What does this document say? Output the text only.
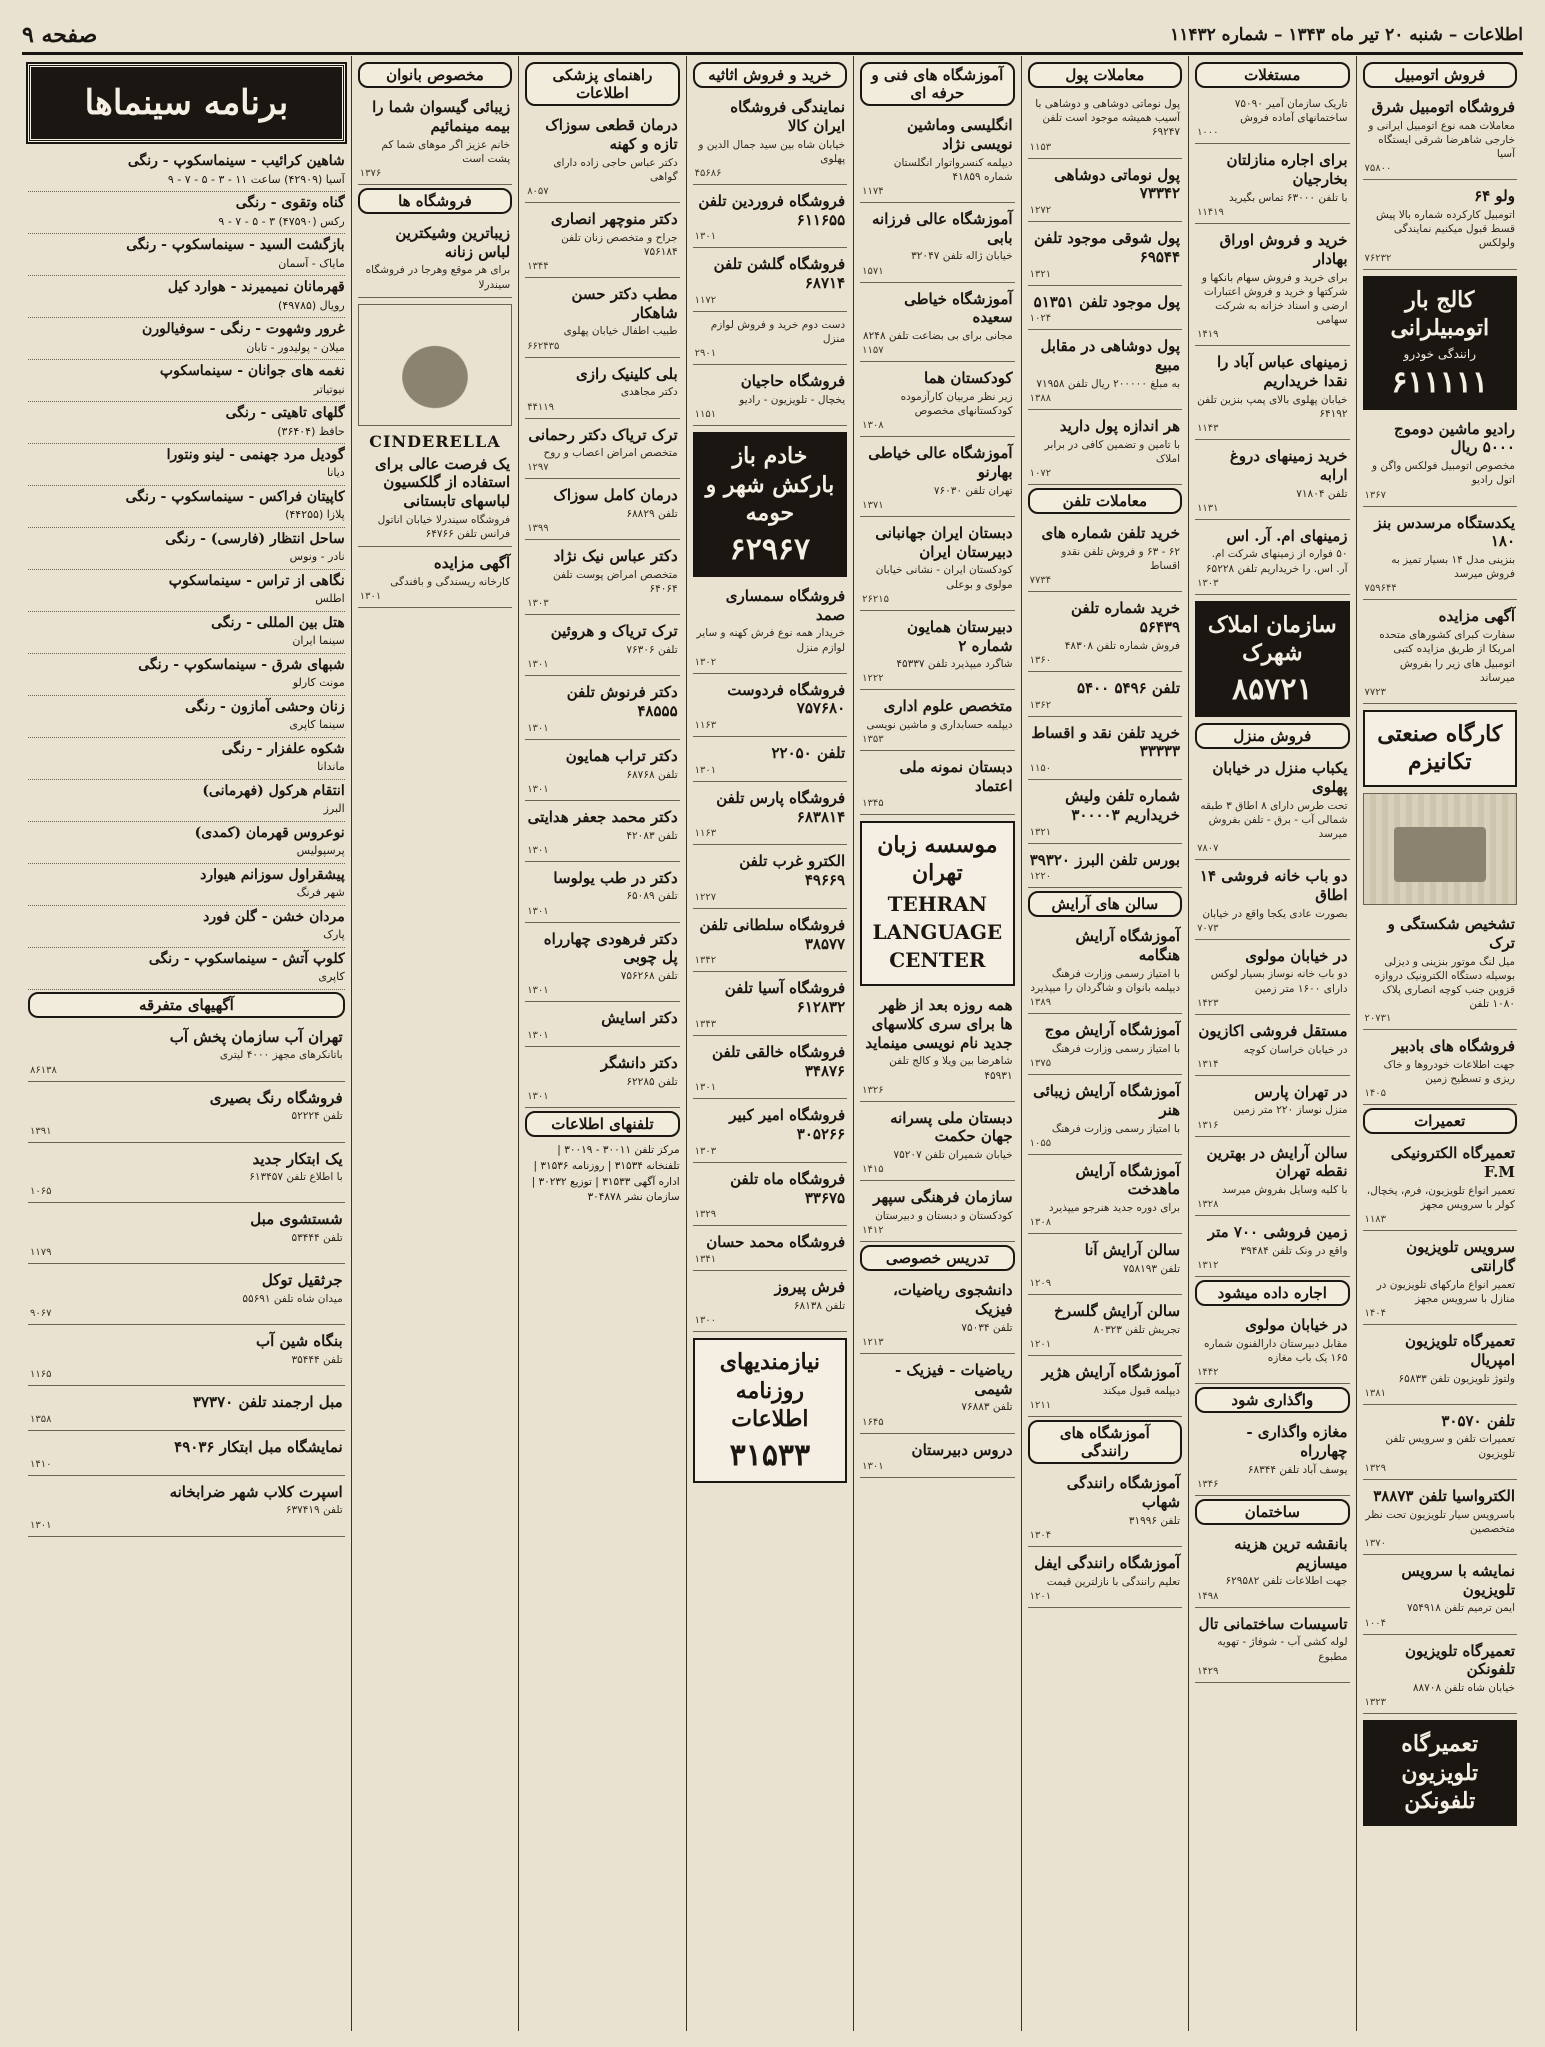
اطلاعات – شنبه ۲۰ تیر ماه ۱۳۴۳ – شماره ۱۱۴۳۲
صفحه ۹
فروش اتومبیل
فروشگاه اتومبیل شرق
معاملات همه نوع اتومبیل ایرانی و خارجی شاهرضا شرقی ایستگاه آسیا
۷۵۸۰۰
ولو ۶۴
اتومبیل کارکرده شماره بالا پیش قسط قبول میکنیم نمایندگی ولولکس
۷۶۲۳۲
کالج بار اتومبیلرانی
رانندگی خودرو
۶۱۱۱۱۱
رادیو ماشین دوموج ۵۰۰۰ ریال
مخصوص اتومبیل فولکس واگن و اتول رادیو
۱۳۶۷
یکدستگاه مرسدس بنز ۱۸۰
بنزینی مدل ۱۴ بسیار تمیز به فروش میرسد
۷۵۹۶۴۴
آگهی مزایده
سفارت کبرای کشورهای متحده امریکا از طریق مزایده کتبی اتومبیل های زیر را بفروش میرساند
۷۷۲۳
کارگاه صنعتی تکانیزم
تشخیص شکستگی و ترک
میل لنگ موتور بنزینی و دیزلی بوسیله دستگاه الکترونیک دروازه قزوین جنب کوچه انصاری پلاک ۱۰۸۰ تلفن
۲۰۷۳۱
فروشگاه های بادبیر
جهت اطلاعات خودروها و خاک ریزی و تسطیح زمین
۱۴۰۵
تعمیرات
تعمیرگاه الکترونیکی F.M
تعمیر انواع تلویزیون، فرم، یخچال، کولر با سرویس مجهز
۱۱۸۳
سرویس تلویزیون گارانتی
تعمیر انواع مارکهای تلویزیون در منازل با سرویس مجهز
۱۴۰۴
تعمیرگاه تلویزیون امپریال
ولتوژ تلویزیون تلفن ۶۵۸۳۳
۱۳۸۱
تلفن ۳۰۵۷۰
تعمیرات تلفن و سرویس تلفن تلویزیون
۱۳۲۹
الکترواسیا تلفن ۳۸۸۷۳
باسرویس سیار تلویزیون تحت نظر متخصصین
۱۳۷۰
نمایشه با سرویس تلویزیون
ایمن ترمیم تلفن ۷۵۴۹۱۸
۱۰۰۴
تعمیرگاه تلویزیون تلفونکن
خیابان شاه تلفن ۸۸۷۰۸
۱۳۲۳
تعمیرگاه تلویزیون تلفونکن
مستغلات
تاریک سازمان آمیر ۷۵۰۹۰ ساختمانهای آماده فروش
۱۰۰۰
برای اجاره منازلتان بخارجیان
با تلفن ۶۳۰۰۰ تماس بگیرید
۱۱۴۱۹
خرید و فروش اوراق بهادار
برای خرید و فروش سهام بانکها و شرکتها و خرید و فروش اعتبارات ارضی و اسناد خزانه به شرکت سهامی
۱۴۱۹
زمینهای عباس آباد را نقدا خریداریم
خیابان پهلوی بالای پمپ بنزین تلفن ۶۴۱۹۲
۱۱۴۳
خرید زمینهای دروغ ارابه
تلفن ۷۱۸۰۴
۱۱۳۱
زمینهای ام. آر. اس
۵۰ فواره از زمینهای شرکت ام. آر. اس. را خریداریم تلفن ۶۵۲۲۸
۱۳۰۳
سازمان املاک شهرک
۸۵۷۲۱
فروش منزل
یکباب منزل در خیابان پهلوی
تحت طرس دارای ۸ اطاق ۳ طبقه شمالی آب - برق - تلفن بفروش میرسد
۷۸۰۷
دو باب خانه فروشی ۱۴ اطاق
بصورت عادی یکجا واقع در خیابان
۷۰۷۳
در خیابان مولوی
دو باب خانه نوساز بسیار لوکس دارای ۱۶۰۰ متر زمین
۱۴۲۳
مستقل فروشی اکازیون
در خیابان خراسان کوچه
۱۳۱۴
در تهران پارس
منزل نوساز ۲۲۰ متر زمین
۱۳۱۶
سالن آرایش در بهترین نقطه تهران
با کلیه وسایل بفروش میرسد
۱۳۲۸
زمین فروشی ۷۰۰ متر
واقع در ونک تلفن ۳۹۴۸۴
۱۳۱۲
اجاره داده میشود
در خیابان مولوی
مقابل دبیرستان دارالفنون شماره ۱۶۵ یک باب مغازه
۱۴۴۲
واگذاری شود
مغازه واگذاری - چهارراه
یوسف آباد تلفن ۶۸۳۴۴
۱۳۴۶
ساختمان
بانقشه ترین هزینه میسازیم
جهت اطلاعات تلفن ۶۲۹۵۸۲
۱۴۹۸
تاسیسات ساختمانی تال
لوله کشی آب - شوفاژ - تهویه مطبوع
۱۴۲۹
معاملات پول
پول نوماتی دوشاهی و دوشاهی با آسیب همیشه موجود است تلفن ۶۹۲۴۷
۱۱۵۳
پول نوماتی دوشاهی ۷۳۳۴۲
۱۲۷۲
پول شوقی موجود تلفن ۶۹۵۴۴
۱۳۲۱
پول موجود تلفن ۵۱۳۵۱
۱۰۲۴
پول دوشاهی در مقابل مبیع
به مبلغ ۲۰۰۰۰۰ ریال تلفن ۷۱۹۵۸
۱۳۸۸
هر اندازه پول دارید
با تامین و تضمین کافی در برابر املاک
۱۰۷۲
معاملات تلفن
خرید تلفن شماره های
۶۲ - ۶۳ و فروش تلفن نقدو اقساط
۷۷۳۴
خرید شماره تلفن ۵۶۴۳۹
فروش شماره تلفن ۴۸۳۰۸
۱۳۶۰
تلفن ۵۴۹۶ ۵۴۰۰
۱۳۶۲
خرید تلفن نقد و اقساط ۳۳۳۳۳
۱۱۵۰
شماره تلفن ولیش خریداریم ۳۰۰۰۰۳
۱۳۲۱
بورس تلفن البرز ۳۹۳۲۰
۱۲۲۰
سالن های آرایش
آموزشگاه آرایش هنگامه
با امتیاز رسمی وزارت فرهنگ دیپلمه بانوان و شاگردان را میپذیرد
۱۳۸۹
آموزشگاه آرایش موج
با امتیاز رسمی وزارت فرهنگ
۱۳۷۵
آموزشگاه آرایش زیبائی هنر
با امتیاز رسمی وزارت فرهنگ
۱۰۵۵
آموزشگاه آرایش ماهدخت
برای دوره جدید هنرجو میپذیرد
۱۳۰۸
سالن آرایش آنا
تلفن ۷۵۸۱۹۳
۱۲۰۹
سالن آرایش گلسرخ
تجریش تلفن ۸۰۳۲۳
۱۲۰۱
آموزشگاه آرایش هژیر
دیپلمه قبول میکند
۱۲۱۱
آموزشگاه های رانندگی
آموزشگاه رانندگی شهاب
تلفن ۳۱۹۹۶
۱۳۰۴
آموزشگاه رانندگی ایفل
تعلیم رانندگی با نازلترین قیمت
۱۲۰۱
آموزشگاه های فنی و حرفه ای
انگلیسی وماشین نویسی نژاد
دیپلمه کنسرواتوار انگلستان شماره ۴۱۸۵۹
۱۱۷۴
آموزشگاه عالی فرزانه بابی
خیابان ژاله تلفن ۳۲۰۴۷
۱۵۷۱
آموزشگاه خیاطی سعیده
مجانی برای بی بضاعت تلفن ۸۲۴۸
۱۱۵۷
کودکستان هما
زیر نظر مربیان کارآزموده کودکستانهای مخصوص
۱۳۰۸
آموزشگاه عالی خیاطی بهارنو
تهران تلفن ۷۶۰۳۰
۱۳۷۱
دبستان ایران جهانبانی دبیرستان ایران
کودکستان ایران - نشانی خیابان مولوی و بوعلی
۲۶۲۱۵
دبیرستان همایون شماره ۲
شاگرد میپذیرد تلفن ۴۵۳۳۷
۱۲۲۲
متخصص علوم اداری
دیپلمه حسابداری و ماشین نویسی
۱۳۵۳
دبستان نمونه ملی اعتماد
۱۳۴۵
موسسه زبان تهران
TEHRAN
LANGUAGE
CENTER
همه روزه بعد از ظهر ها برای سری کلاسهای جدید نام نویسی مینماید
شاهرضا بین ویلا و کالج تلفن ۴۵۹۳۱
۱۳۲۶
دبستان ملی پسرانه جهان حکمت
خیابان شمیران تلفن ۷۵۲۰۷
۱۴۱۵
سازمان فرهنگی سپهر
کودکستان و دبستان و دبیرستان
۱۴۱۲
تدریس خصوصی
دانشجوی ریاضیات، فیزیک
تلفن ۷۵۰۳۴
۱۲۱۳
ریاضیات - فیزیک - شیمی
تلفن ۷۶۸۸۳
۱۶۴۵
دروس دبیرستان
۱۳۰۱
خرید و فروش اثاثیه
نمایندگی فروشگاه ایران کالا
خیابان شاه بین سید جمال الدین و پهلوی
۴۵۶۸۶
فروشگاه فروردین تلفن ۶۱۱۶۵۵
۱۳۰۱
فروشگاه گلشن تلفن ۶۸۷۱۴
۱۱۷۲
دست دوم خرید و فروش لوازم منزل
۲۹۰۱
فروشگاه حاجیان
یخچال - تلویزیون - رادیو
۱۱۵۱
خادم باز بارکش شهر و حومه
۶۲۹۶۷
فروشگاه سمساری صمد
خریدار همه نوع فرش کهنه و سایر لوازم منزل
۱۳۰۲
فروشگاه فردوست ۷۵۷۶۸۰
۱۱۶۳
تلفن ۲۲۰۵۰
۱۳۰۱
فروشگاه پارس تلفن ۶۸۳۸۱۴
۱۱۶۳
الکترو غرب تلفن ۴۹۶۶۹
۱۲۲۷
فروشگاه سلطانی تلفن ۳۸۵۷۷
۱۳۴۲
فروشگاه آسیا تلفن ۶۱۲۸۳۲
۱۳۴۳
فروشگاه خالقی تلفن ۳۴۸۷۶
۱۳۰۱
فروشگاه امیر کبیر ۳۰۵۲۶۶
۱۳۰۳
فروشگاه ماه تلفن ۳۳۶۷۵
۱۳۲۹
فروشگاه محمد حسان
۱۳۴۱
فرش پیروز
تلفن ۶۸۱۳۸
۱۳۰۰
نیازمندیهای روزنامه اطلاعات
۳۱۵۳۳
راهنمای پزشکی اطلاعات
درمان قطعی سوزاک تازه و کهنه
دکتر عباس حاجی زاده دارای گواهی
۸۰۵۷
دکتر منوچهر انصاری
جراح و متخصص زنان تلفن ۷۵۶۱۸۴
۱۳۴۴
مطب دکتر حسن شاهکار
طبیب اطفال خیابان پهلوی
۶۶۲۴۳۵
بلی کلینیک رازی
دکتر مجاهدی
۴۴۱۱۹
ترک تریاک دکتر رحمانی
متخصص امراض اعصاب و روح
۱۲۹۷
درمان کامل سوزاک
تلفن ۶۸۸۲۹
۱۳۹۹
دکتر عباس نیک نژاد
متخصص امراض پوست تلفن ۶۴۰۶۴
۱۳۰۳
ترک تریاک و هروئین
تلفن ۷۶۳۰۶
۱۳۰۱
دکتر فرنوش تلفن ۴۸۵۵۵
۱۳۰۱
دکتر تراب همایون
تلفن ۶۸۷۶۸
۱۳۰۱
دکتر محمد جعفر هدایتی
تلفن ۴۲۰۸۳
۱۳۰۱
دکتر در طب یولوسا
تلفن ۶۵۰۸۹
۱۳۰۱
دکتر فرهودی چهارراه پل چوبی
تلفن ۷۵۶۲۶۸
۱۳۰۱
دکتر اسایش
۱۳۰۱
دکتر دانشگر
تلفن ۶۲۲۸۵
۱۳۰۱
تلفنهای اطلاعات
مرکز تلفن ۳۰۰۱۱ - ۳۰۰۱۹ | تلفنخانه ۳۱۵۳۴ | روزنامه ۳۱۵۳۶ | اداره آگهی ۳۱۵۳۳ | توزیع ۳۰۲۳۲ | سازمان نشر ۳۰۴۸۷۸
مخصوص بانوان
زیبائی گیسوان شما را بیمه مینمائیم
خانم عزیز اگر موهای شما کم پشت است
۱۳۷۶
فروشگاه ها
زیباترین وشیکترین لباس زنانه
برای هر موقع وهرجا در فروشگاه سیندرلا
CINDERELLA
یک فرصت عالی برای استفاده از گلکسیون لباسهای تابستانی
فروشگاه سیندرلا خیابان اناتول فرانس تلفن ۶۴۷۶۶
آگهی مزایده
کارخانه ریسندگی و بافندگی
۱۳۰۱
برنامه سینماها
شاهین کرائیب - سینماسکوپ - رنگی
آسیا (۴۲۹۰۹) ساعت ۱۱ - ۳ - ۵ - ۷ - ۹
گناه وتقوی - رنگی
رکس (۴۷۵۹۰) ۳ - ۵ - ۷ - ۹
بازگشت السید - سینماسکوپ - رنگی
مایاک - آسمان
قهرمانان نمیمیرند - هوارد کیل
رویال (۴۹۷۸۵)
غرور وشهوت - رنگی - سوفیالورن
میلان - پولیدور - تابان
نغمه های جوانان - سینماسکوپ
نیوتیاتر
گلهای تاهیتی - رنگی
حافظ (۳۶۴۰۴)
گودیل مرد جهنمی - لینو ونتورا
دیانا
کاپیتان فراکس - سینماسکوپ - رنگی
پلازا (۴۴۲۵۵)
ساحل انتظار (فارسی) - رنگی
نادر - ونوس
نگاهی از تراس - سینماسکوپ
اطلس
هتل بین المللی - رنگی
سینما ایران
شبهای شرق - سینماسکوپ - رنگی
مونت کارلو
زنان وحشی آمازون - رنگی
سینما کاپری
شکوه علفزار - رنگی
ماندانا
انتقام هرکول (فهرمانی)
البرز
نوعروس قهرمان (کمدی)
پرسپولیس
پیشقراول سوزانم هیوارد
شهر فرنگ
مردان خشن - گلن فورد
پارک
کلوپ آتش - سینماسکوپ - رنگی
کاپری
آگهیهای متفرقه
تهران آب سازمان پخش آب
باتانکرهای مجهز ۴۰۰۰ لیتری
۸۶۱۳۸
فروشگاه رنگ بصیری
تلفن ۵۲۲۲۴
۱۳۹۱
یک ابتکار جدید
با اطلاع تلفن ۶۱۳۴۵۷
۱۰۶۵
شستشوی مبل
تلفن ۵۳۴۴۴
۱۱۷۹
جرثقیل توکل
میدان شاه تلفن ۵۵۶۹۱
۹۰۶۷
بنگاه شین آب
تلفن ۳۵۴۴۴
۱۱۶۵
مبل ارجمند تلفن ۳۷۳۷۰
۱۳۵۸
نمایشگاه مبل ابتکار ۴۹۰۳۶
۱۴۱۰
اسپرت کلاب شهر ضرابخانه
تلفن ۶۳۷۴۱۹
۱۳۰۱
